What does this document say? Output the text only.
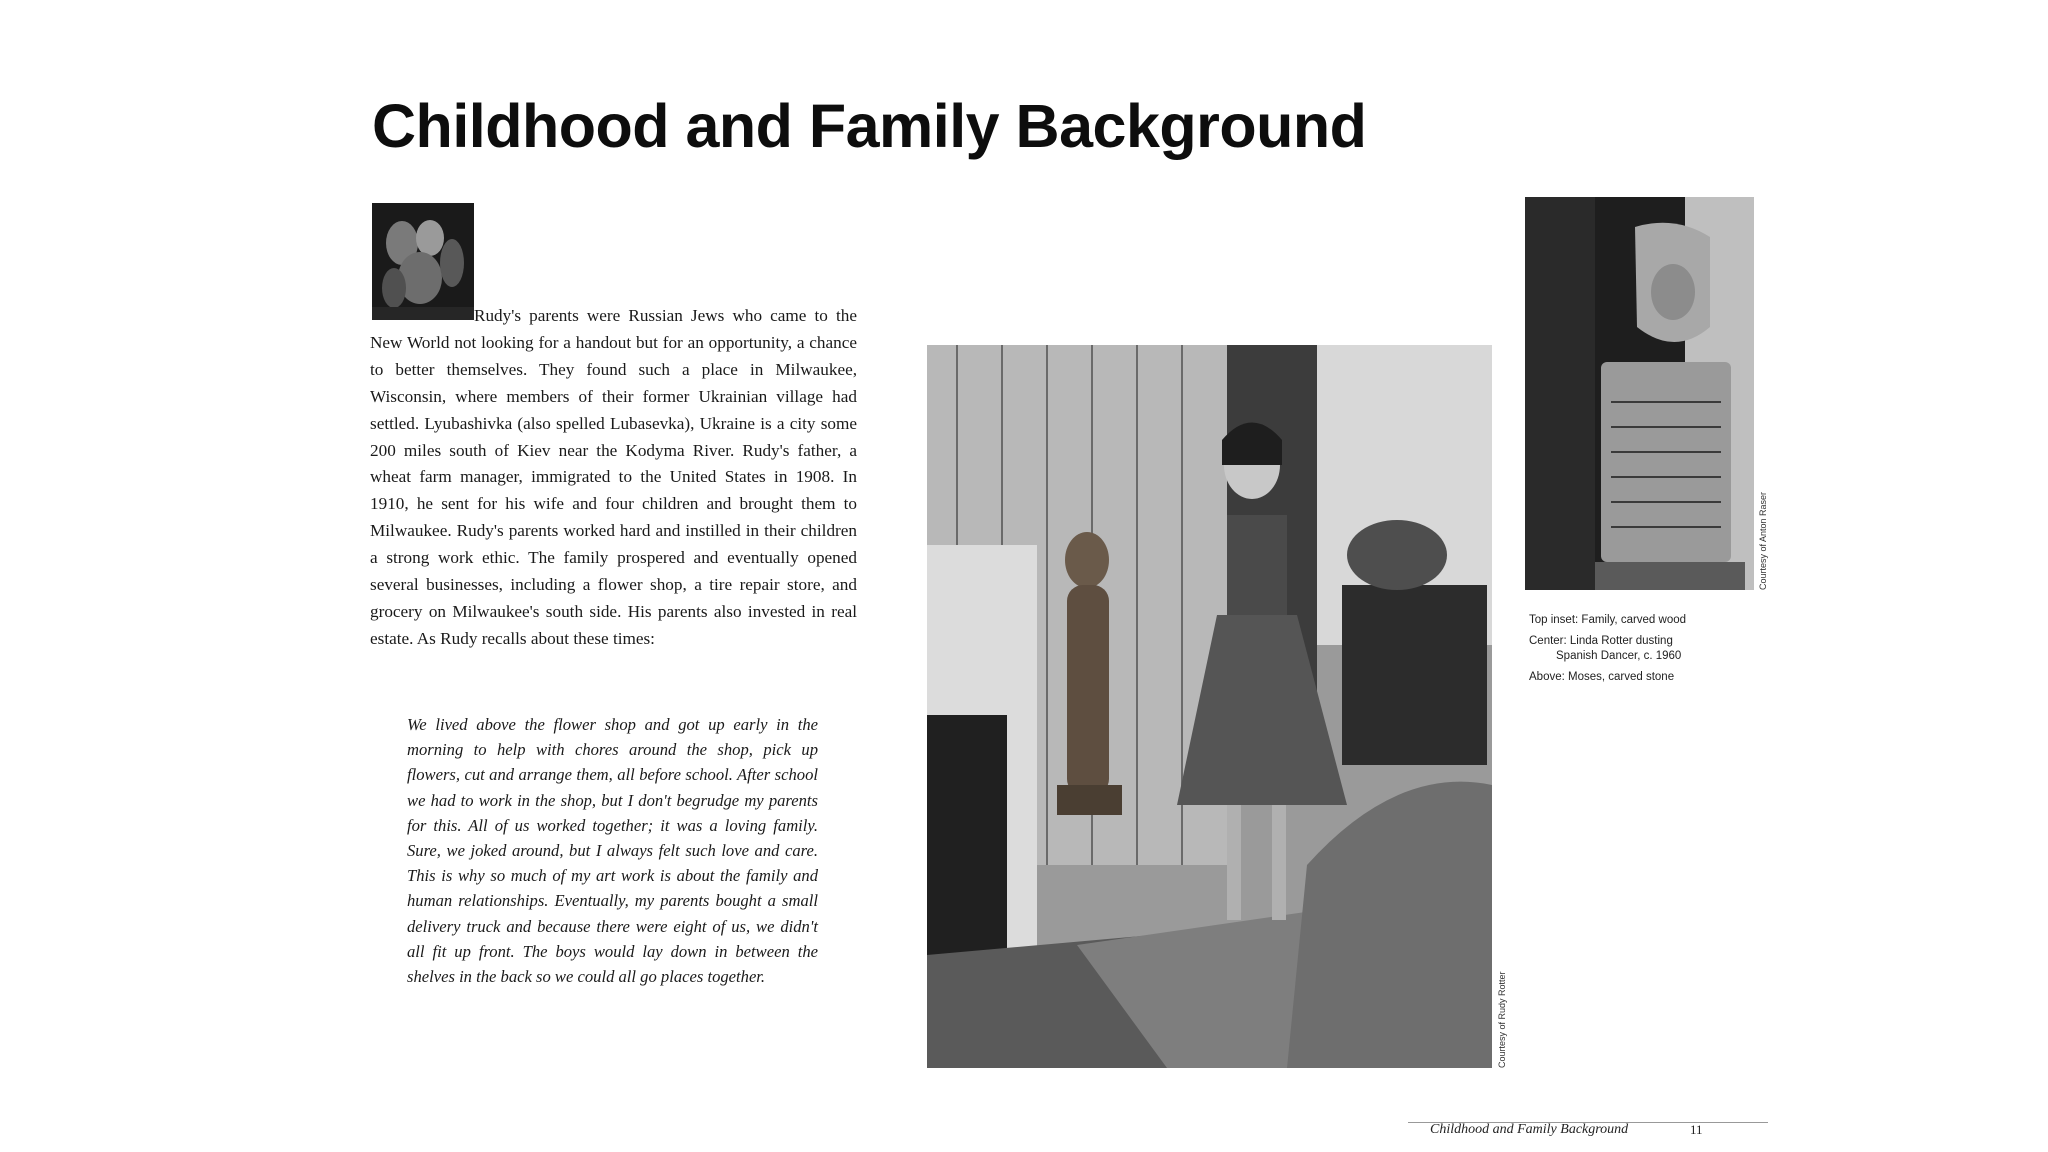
Childhood and Family Background

Rudy's parents were Russian Jews who came to the New World not looking for a handout but for an opportunity, a chance to better themselves. They found such a place in Milwaukee, Wisconsin, where members of their former Ukrainian village had settled. Lyubashivka (also spelled Lubasevka), Ukraine is a city some 200 miles south of Kiev near the Kodyma River. Rudy's father, a wheat farm manager, immigrated to the United States in 1908. In 1910, he sent for his wife and four children and brought them to Milwaukee. Rudy's parents worked hard and instilled in their children a strong work ethic. The family prospered and eventually opened several businesses, including a flower shop, a tire repair store, and grocery on Milwaukee's south side. His parents also invested in real estate. As Rudy recalls about these times:

We lived above the flower shop and got up early in the morning to help with chores around the shop, pick up flowers, cut and arrange them, all before school. After school we had to work in the shop, but I don't begrudge my parents for this. All of us worked together; it was a loving family. Sure, we joked around, but I always felt such love and care. This is why so much of my art work is about the family and human relationships. Eventually, my parents bought a small delivery truck and because there were eight of us, we didn't all fit up front. The boys would lay down in between the shelves in the back so we could all go places together.	Courtesy of Rudy Rotter
Courtesy of Anton Raser

Top inset: Family, carved wood

Center: Linda Rotter dusting
Spanish Dancer, c. 1960

Above: Moses, carved stone

Childhood and Family Background	11
